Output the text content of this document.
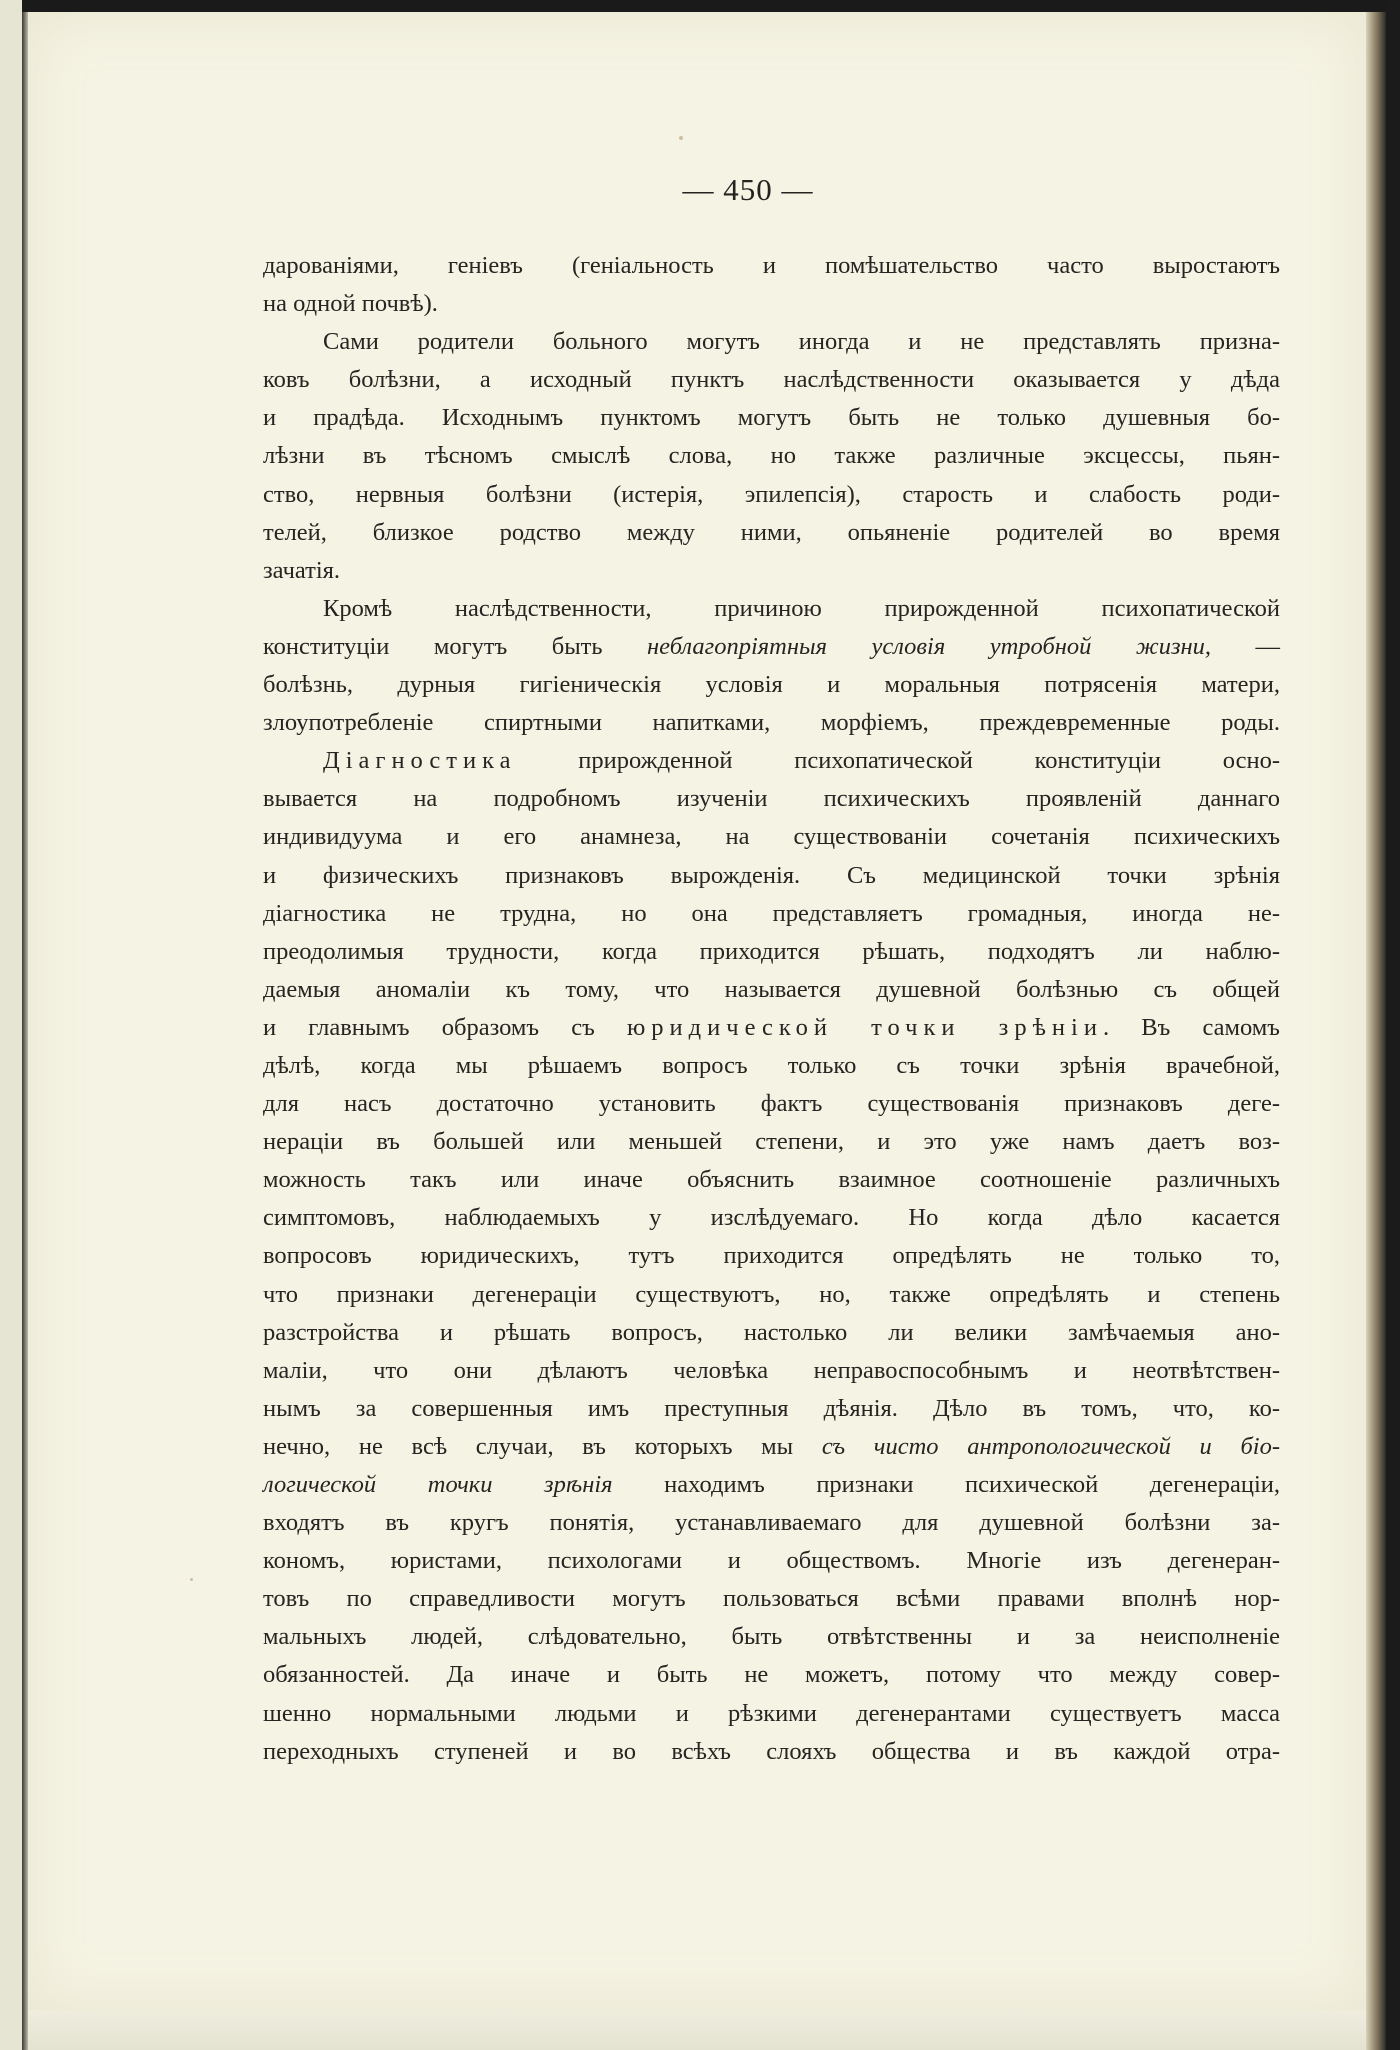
— 450 —
дарованіями, геніевъ (геніальность и помѣшательство часто выростаютъ
на одной почвѣ).
Сами родители больного могутъ иногда и не представлять призна-
ковъ болѣзни, а исходный пунктъ наслѣдственности оказывается у дѣда
и прадѣда. Исходнымъ пунктомъ могутъ быть не только душевныя бо-
лѣзни въ тѣсномъ смыслѣ слова, но также различные эксцессы, пьян-
ство, нервныя болѣзни (истерія, эпилепсія), старость и слабость роди-
телей, близкое родство между ними, опьяненіе родителей во время
зачатія.
Кромѣ наслѣдственности, причиною прирожденной психопатической
конституціи могутъ быть неблагопріятныя условія утробной жизни, —
болѣзнь, дурныя гигіеническія условія и моральныя потрясенія матери,
злоупотребленіе спиртными напитками, морфіемъ, преждевременные роды.
Діагностика прирожденной психопатической конституціи осно-
вывается на подробномъ изученіи психическихъ проявленій даннаго
индивидуума и его анамнеза, на существованіи сочетанія психическихъ
и физическихъ признаковъ вырожденія. Съ медицинской точки зрѣнія
діагностика не трудна, но она представляетъ громадныя, иногда не-
преодолимыя трудности, когда приходится рѣшать, подходятъ ли наблю-
даемыя аномаліи къ тому, что называется душевной болѣзнью съ общей
и главнымъ образомъ съ юридической точки зрѣніи. Въ самомъ
дѣлѣ, когда мы рѣшаемъ вопросъ только съ точки зрѣнія врачебной,
для насъ достаточно установить фактъ существованія признаковъ деге-
нераціи въ большей или меньшей степени, и это уже намъ даетъ воз-
можность такъ или иначе объяснить взаимное соотношеніе различныхъ
симптомовъ, наблюдаемыхъ у изслѣдуемаго. Но когда дѣло касается
вопросовъ юридическихъ, тутъ приходится опредѣлять не только то,
что признаки дегенераціи существуютъ, но, также опредѣлять и степень
разстройства и рѣшать вопросъ, настолько ли велики замѣчаемыя ано-
маліи, что они дѣлаютъ человѣка неправоспособнымъ и неотвѣтствен-
нымъ за совершенныя имъ преступныя дѣянія. Дѣло въ томъ, что, ко-
нечно, не всѣ случаи, въ которыхъ мы съ чисто антропологической и біо-
логической точки зрѣнія находимъ признаки психической дегенераціи,
входятъ въ кругъ понятія, устанавливаемаго для душевной болѣзни за-
кономъ, юристами, психологами и обществомъ. Многіе изъ дегенеран-
товъ по справедливости могутъ пользоваться всѣми правами вполнѣ нор-
мальныхъ людей, слѣдовательно, быть отвѣтственны и за неисполненіе
обязанностей. Да иначе и быть не можетъ, потому что между совер-
шенно нормальными людьми и рѣзкими дегенерантами существуетъ масса
переходныхъ ступеней и во всѣхъ слояхъ общества и въ каждой отра-
